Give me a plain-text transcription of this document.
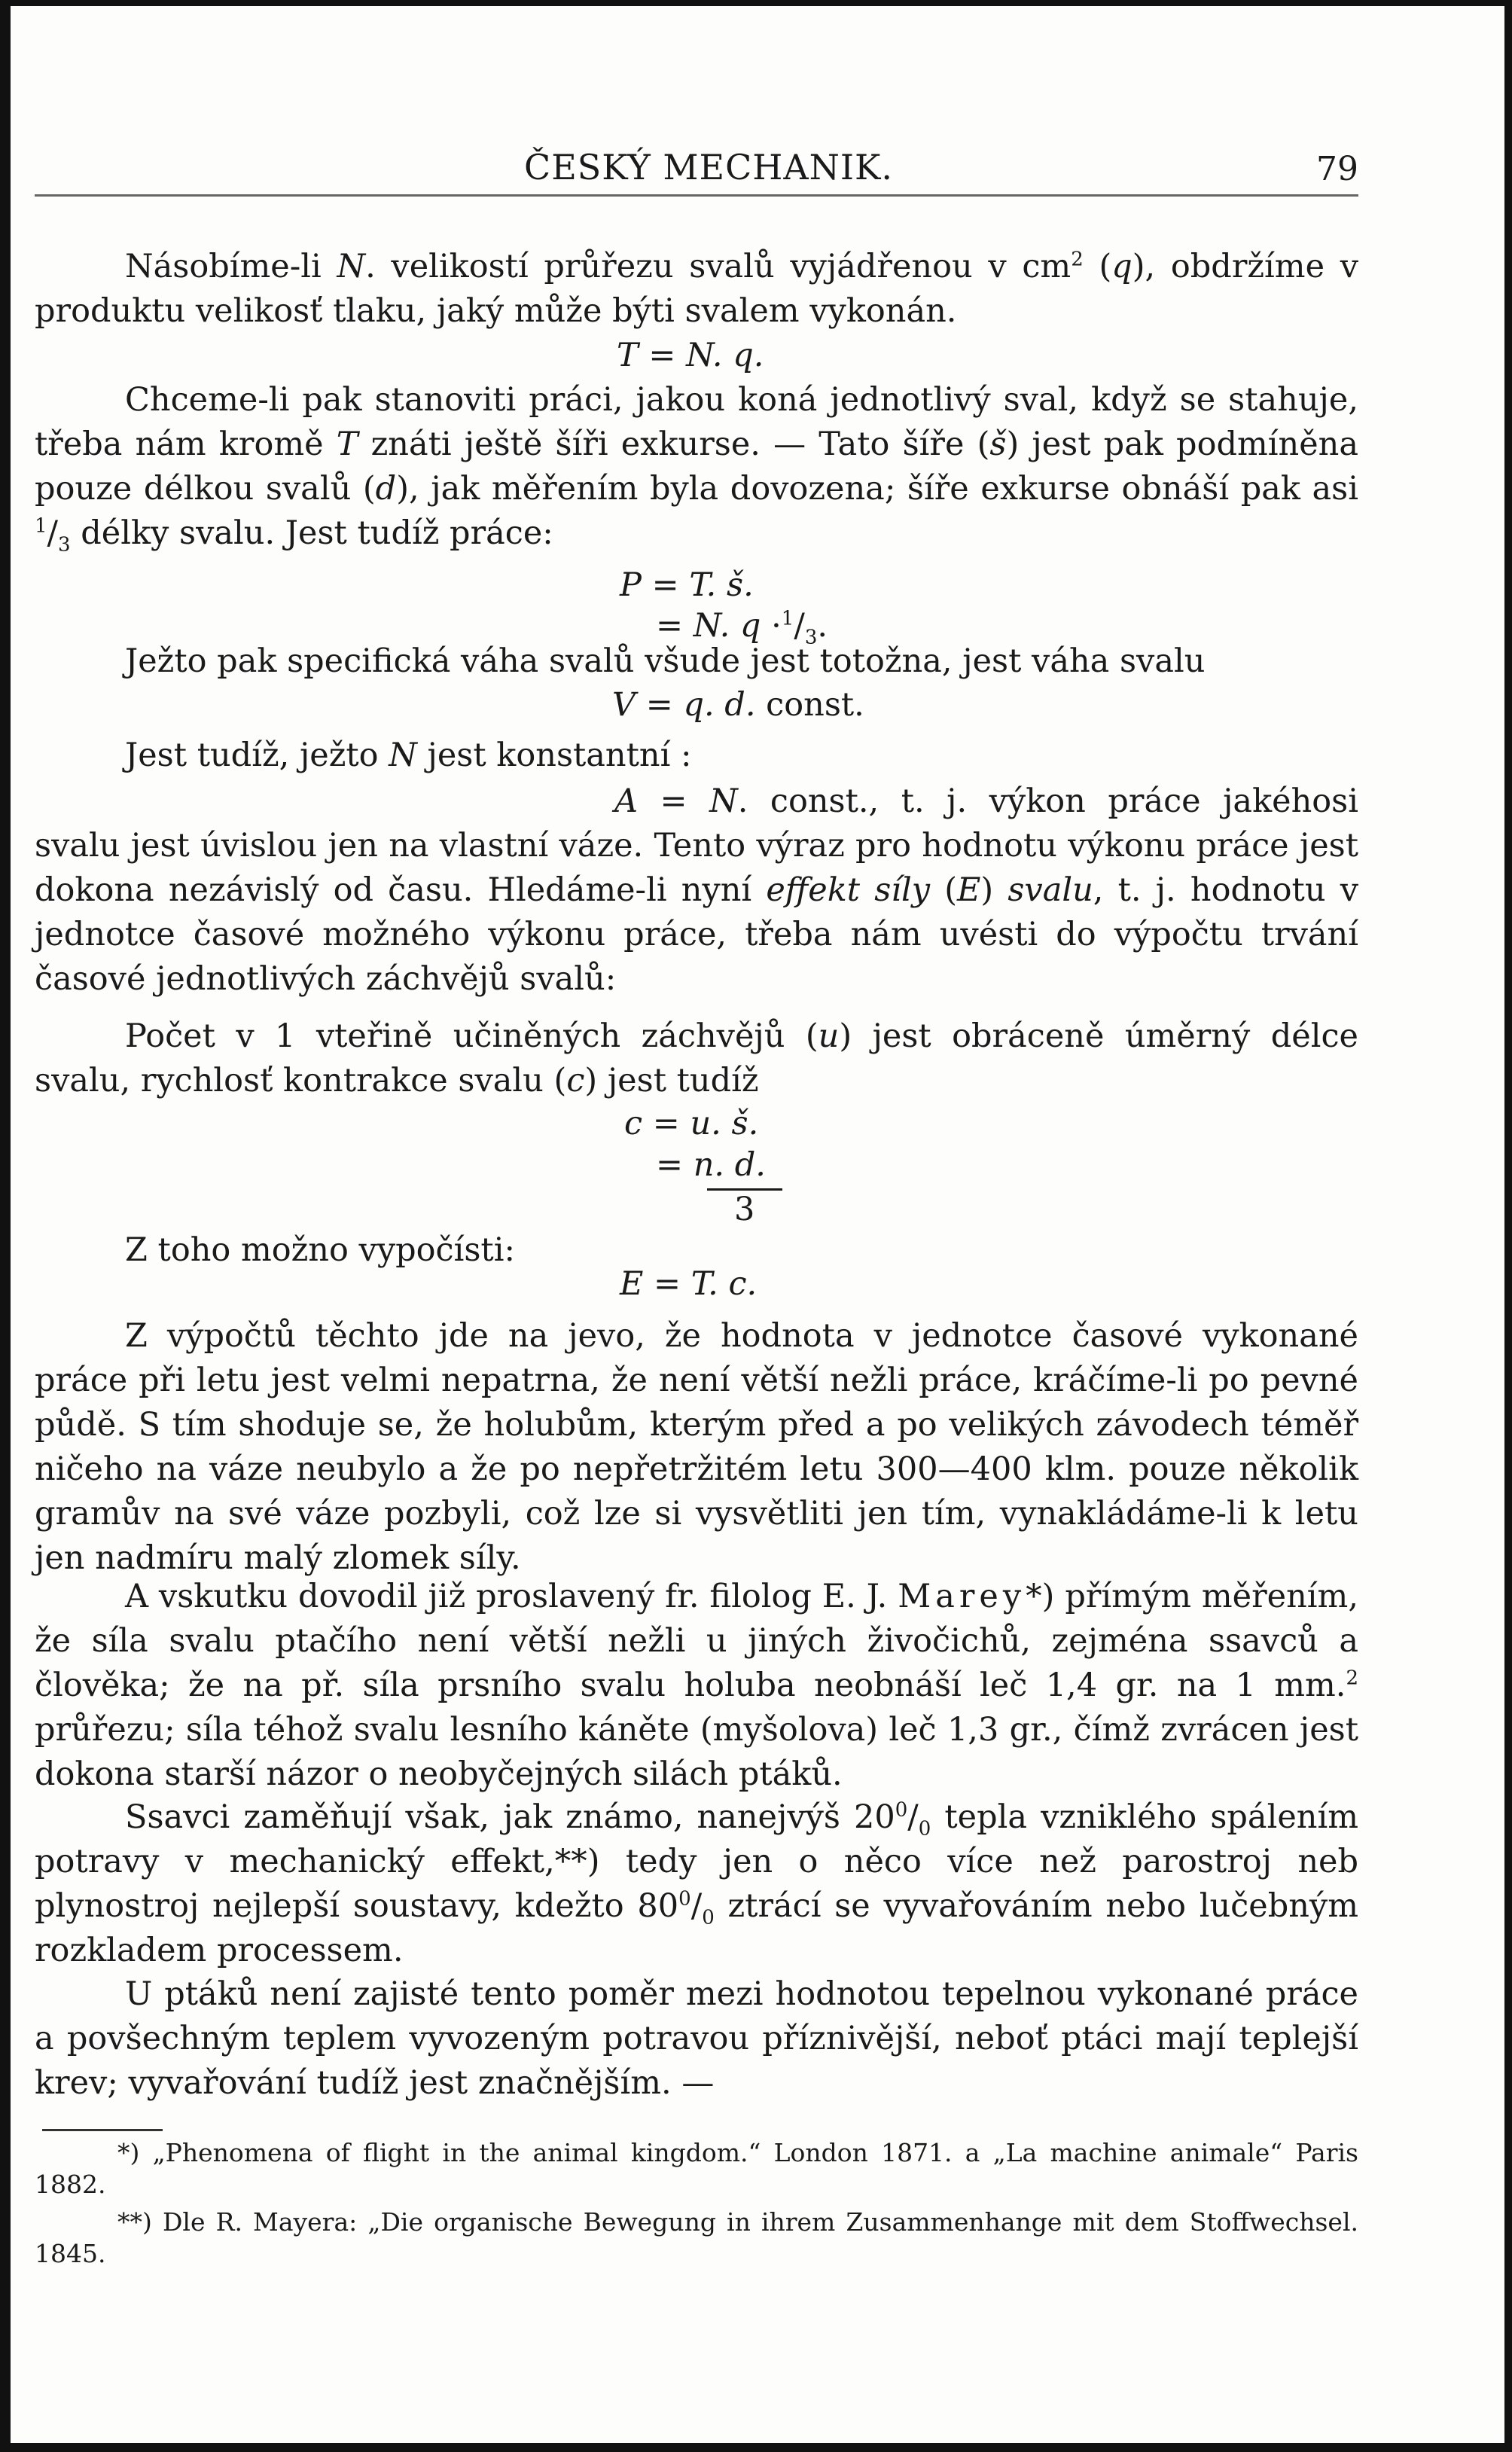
ČESKÝ MECHANIK.	79

Násobíme-li N. velikostí průřezu svalů vyjádřenou v $cm^2$ (q), obdržíme v produktu velikosť tlaku, jaký může býti svalem vykonán.

T = N. q.

Chceme-li pak stanoviti práci, jakou koná jednotlivý sval, když se stahuje, třeba nám kromě T znáti ještě šíři exkurse. — Tato šíře (š) jest pak podmíněna pouze délkou svalů (d), jak měřením byla dovozena; šíře exkurse obnáší pak asi $^1/_3$ délky svalu. Jest tudíž práce:

P = T. š.
= N. $q \cdot^1/_3$.

Ježto pak specifická váha svalů všude jest totožna, jest váha svalu

V = q. d. const.

Jest tudíž, ježto N jest konstantní :

A = N. const., t. j. výkon práce jakéhosi svalu jest úvislou jen na vlastní váze. Tento výraz pro hodnotu výkonu práce jest dokona nezávislý od času. Hledáme-li nyní effekt síly (E) svalu, t. j. hodnotu v jednotce časové možného výkonu práce, třeba nám uvésti do výpočtu trvání časové jednotlivých záchvějů svalů:

Počet v 1 vteřině učiněných záchvějů (u) jest obráceně úměrný délce svalu, rychlosť kontrakce svalu (c) jest tudíž

c = u. š.
= n. d.
3

Z toho možno vypočísti:

E = T. c.

Z výpočtů těchto jde na jevo, že hodnota v jednotce časové vykonané práce při letu jest velmi nepatrna, že není větší nežli práce, kráčíme-li po pevné půdě. S tím shoduje se, že holubům, kterým před a po velikých závodech téměř ničeho na váze neubylo a že po nepřetržitém letu 300—400 klm. pouze několik gramův na své váze pozbyli, což lze si vysvětliti jen tím, vynakládáme-li k letu jen nadmíru malý zlomek síly.

A vskutku dovodil již proslavený fr. filolog E. J. Marey*) přímým měřením, že síla svalu ptačího není větší nežli u jiných živočichů, zejména ssavců a člověka; že na př. síla prsního svalu holuba neobnáší leč 1,4 gr. na 1 mm.$^2$ průřezu; síla téhož svalu lesního káněte (myšolova) leč 1,3 gr., čímž zvrácen jest dokona starší názor o neobyčejných silách ptáků.

Ssavci zaměňují však, jak známo, nanejvýš $20^0/_0$ tepla vzniklého spálením potravy v mechanický effekt,**) tedy jen o něco více než parostroj neb plynostroj nejlepší soustavy, kdežto $80^0/_0$ ztrácí se vyvařováním nebo lučebným rozkladem processem.

U ptáků není zajisté tento poměr mezi hodnotou tepelnou vykonané práce a povšechným teplem vyvozeným potravou příznivější, neboť ptáci mají teplejší krev; vyvařování tudíž jest značnějším. —

*) „Phenomena of flight in the animal kingdom.“ London 1871. a „La machine animale“ Paris 1882.

**) Dle R. Mayera: „Die organische Bewegung in ihrem Zusammenhange mit dem Stoffwechsel. 1845.
